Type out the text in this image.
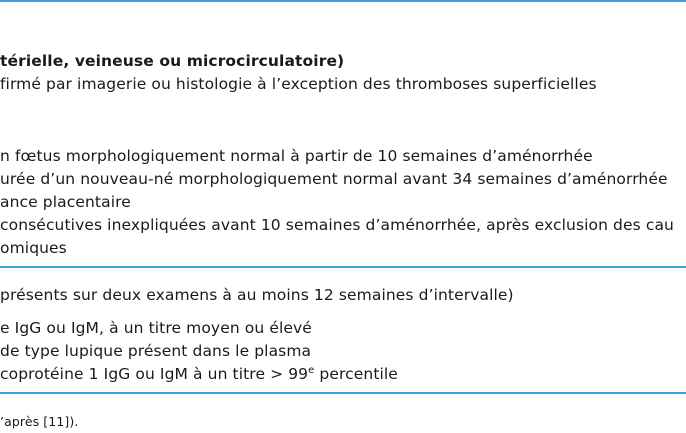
térielle, veineuse ou microcirculatoire)
firmé par imagerie ou histologie à l’exception des thromboses superficielles
n fœtus morphologiquement normal à partir de 10 semaines d’aménorrhée
urée d’un nouveau-né morphologiquement normal avant 34 semaines d’aménorrhée
ance placentaire
consécutives inexpliquées avant 10 semaines d’aménorrhée, après exclusion des cau
omiques
présents sur deux examens à au moins 12 semaines d’intervalle)
e IgG ou IgM, à un titre moyen ou élevé
de type lupique présent dans le plasma
coprotéine 1 IgG ou IgM à un titre > $99^e$ percentile
’après [11]).
